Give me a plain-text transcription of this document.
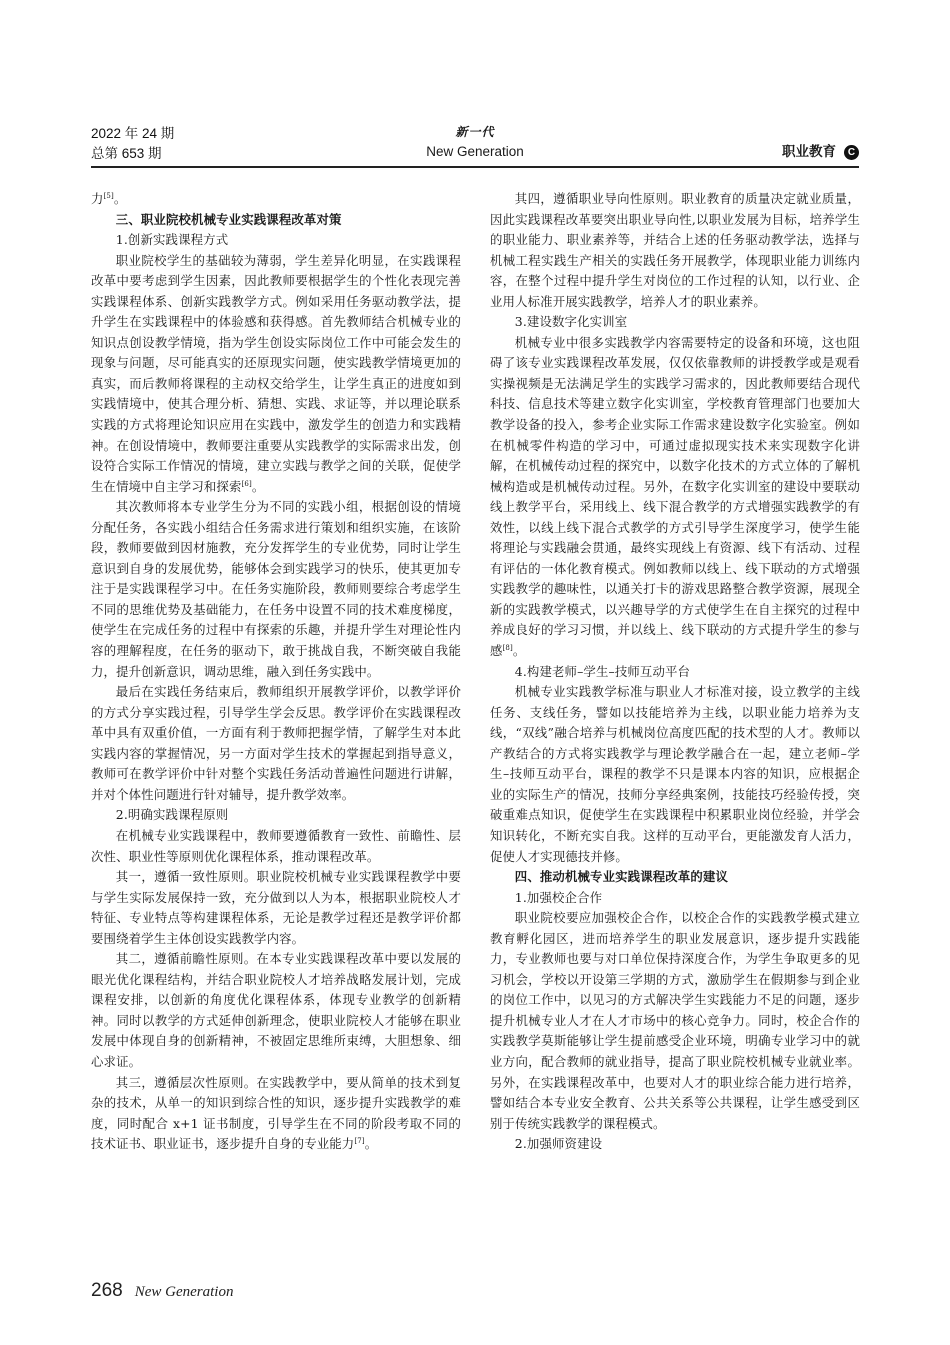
2022 年 24 期
总第 653 期
新一代
New Generation	职业教育	C

力[5]。

三、职业院校机械专业实践课程改革对策
1.创新实践课程方式

职业院校学生的基础较为薄弱，学生差异化明显，在实践课程改革中要考虑到学生因素，因此教师要根据学生的个性化表现完善实践课程体系、创新实践教学方式。例如采用任务驱动教学法，提升学生在实践课程中的体验感和获得感。首先教师结合机械专业的知识点创设教学情境，指为学生创设实际岗位工作中可能会发生的现象与问题，尽可能真实的还原现实问题，使实践教学情境更加的真实，而后教师将课程的主动权交给学生，让学生真正的进度如到实践情境中，使其合理分析、猜想、实践、求证等，并以理论联系实践的方式将理论知识应用在实践中，激发学生的创造力和实践精神。在创设情境中，教师要注重要从实践教学的实际需求出发，创设符合实际工作情况的情境，建立实践与教学之间的关联，促使学生在情境中自主学习和探索[6]。

其次教师将本专业学生分为不同的实践小组，根据创设的情境分配任务，各实践小组结合任务需求进行策划和组织实施，在该阶段，教师要做到因材施教，充分发挥学生的专业优势，同时让学生意识到自身的发展优势，能够体会到实践学习的快乐，使其更加专注于是实践课程学习中。在任务实施阶段，教师则要综合考虑学生不同的思维优势及基础能力，在任务中设置不同的技术难度梯度，使学生在完成任务的过程中有探索的乐趣，并提升学生对理论性内容的理解程度，在任务的驱动下，敢于挑战自我，不断突破自我能力，提升创新意识，调动思维，融入到任务实践中。

最后在实践任务结束后，教师组织开展教学评价，以教学评价的方式分享实践过程，引导学生学会反思。教学评价在实践课程改革中具有双重价值，一方面有利于教师把握学情，了解学生对本此实践内容的掌握情况，另一方面对学生技术的掌握起到指导意义，教师可在教学评价中针对整个实践任务活动普遍性问题进行讲解，并对个体性问题进行针对辅导，提升教学效率。

2.明确实践课程原则

在机械专业实践课程中，教师要遵循教育一致性、前瞻性、层次性、职业性等原则优化课程体系，推动课程改革。

其一，遵循一致性原则。职业院校机械专业实践课程教学中要与学生实际发展保持一致，充分做到以人为本，根据职业院校人才特征、专业特点等构建课程体系，无论是教学过程还是教学评价都要围绕着学生主体创设实践教学内容。

其二，遵循前瞻性原则。在本专业实践课程改革中要以发展的眼光优化课程结构，并结合职业院校人才培养战略发展计划，完成课程安排，以创新的角度优化课程体系，体现专业教学的创新精神。同时以教学的方式延伸创新理念，使职业院校人才能够在职业发展中体现自身的创新精神，不被固定思维所束缚，大胆想象、细心求证。

其三，遵循层次性原则。在实践教学中，要从简单的技术到复杂的技术，从单一的知识到综合性的知识，逐步提升实践教学的难度，同时配合 x+1 证书制度，引导学生在不同的阶段考取不同的技术证书、职业证书，逐步提升自身的专业能力[7]。

其四，遵循职业导向性原则。职业教育的质量决定就业质量，因此实践课程改革要突出职业导向性,以职业发展为目标，培养学生的职业能力、职业素养等，并结合上述的任务驱动教学法，选择与机械工程实践生产相关的实践任务开展教学，体现职业能力训练内容，在整个过程中提升学生对岗位的工作过程的认知，以行业、企业用人标准开展实践教学，培养人才的职业素养。

3.建设数字化实训室

机械专业中很多实践教学内容需要特定的设备和环境，这也阻碍了该专业实践课程改革发展，仅仅依靠教师的讲授教学或是观看实操视频是无法满足学生的实践学习需求的，因此教师要结合现代科技、信息技术等建立数字化实训室，学校教育管理部门也要加大教学设备的投入，参考企业实际工作需求建设数字化实验室。例如在机械零件构造的学习中，可通过虚拟现实技术来实现数字化讲解，在机械传动过程的探究中，以数字化技术的方式立体的了解机械构造或是机械传动过程。另外，在数字化实训室的建设中要联动线上教学平台，采用线上、线下混合教学的方式增强实践教学的有效性，以线上线下混合式教学的方式引导学生深度学习，使学生能将理论与实践融会贯通，最终实现线上有资源、线下有活动、过程有评估的一体化教育模式。例如教师以线上、线下联动的方式增强实践教学的趣味性，以通关打卡的游戏思路整合教学资源，展现全新的实践教学模式，以兴趣导学的方式使学生在自主探究的过程中养成良好的学习习惯，并以线上、线下联动的方式提升学生的参与感[8]。

4.构建老师–学生–技师互动平台

机械专业实践教学标准与职业人才标准对接，设立教学的主线任务、支线任务，譬如以技能培养为主线，以职业能力培养为支线，“双线”融合培养与机械岗位高度匹配的技术型的人才。教师以产教结合的方式将实践教学与理论教学融合在一起，建立老师–学生–技师互动平台，课程的教学不只是课本内容的知识，应根据企业的实际生产的情况，技师分享经典案例，技能技巧经验传授，突破重难点知识，促使学生在实践课程中积累职业岗位经验，并学会知识转化，不断充实自我。这样的互动平台，更能激发育人活力，促使人才实现德技并修。

四、推动机械专业实践课程改革的建议
1.加强校企合作

职业院校要应加强校企合作，以校企合作的实践教学模式建立教育孵化园区，进而培养学生的职业发展意识，逐步提升实践能力，专业教师也要与对口单位保持深度合作，为学生争取更多的见习机会，学校以开设第三学期的方式，激励学生在假期参与到企业的岗位工作中，以见习的方式解决学生实践能力不足的问题，逐步提升机械专业人才在人才市场中的核心竞争力。同时，校企合作的实践教学莫斯能够让学生提前感受企业环境，明确专业学习中的就业方向，配合教师的就业指导，提高了职业院校机械专业就业率。另外，在实践课程改革中，也要对人才的职业综合能力进行培养，譬如结合本专业安全教育、公共关系等公共课程，让学生感受到区别于传统实践教学的课程模式。

2.加强师资建设
268 New Generation
